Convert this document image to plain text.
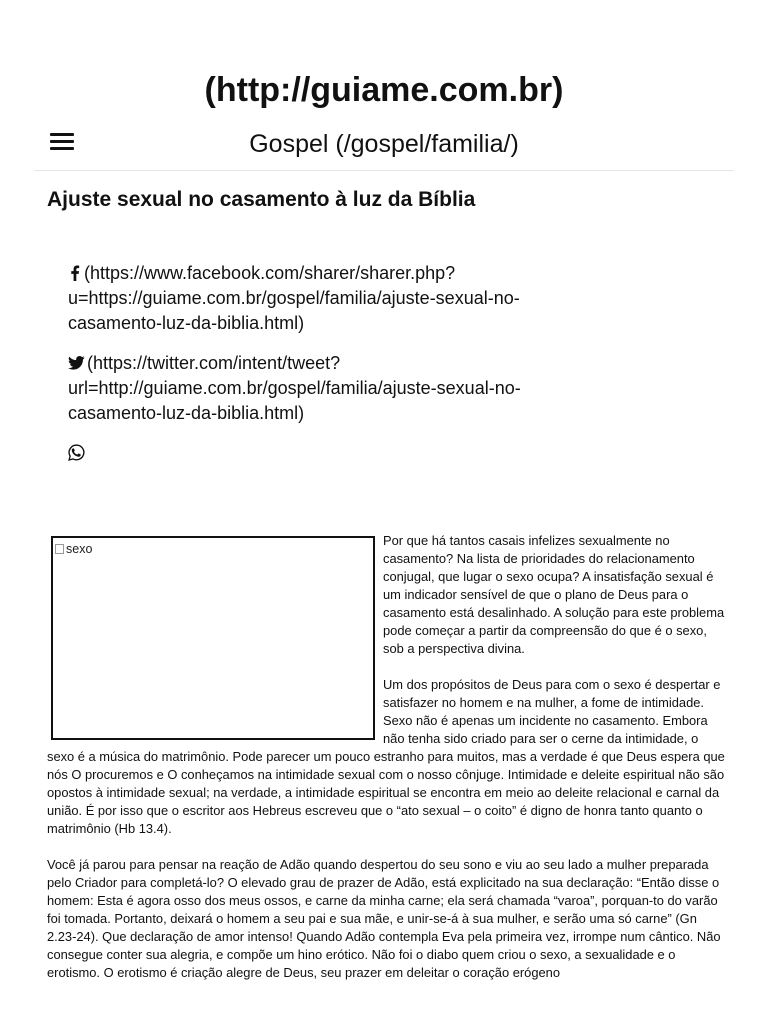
(http://guiame.com.br)
Gospel (/gospel/familia/)
Ajuste sexual no casamento à luz da Bíblia
(https://www.facebook.com/sharer/sharer.php?u=https://guiame.com.br/gospel/familia/ajuste-sexual-no-casamento-luz-da-biblia.html)
(https://twitter.com/intent/tweet?url=http://guiame.com.br/gospel/familia/ajuste-sexual-no-casamento-luz-da-biblia.html)
sexo

Por que há tantos casais infelizes sexualmente no casamento? Na lista de prioridades do relacionamento conjugal, que lugar o sexo ocupa? A insatisfação sexual é um indicador sensível de que o plano de Deus para o casamento está desalinhado. A solução para este problema pode começar a partir da compreensão do que é o sexo, sob a perspectiva divina.

Um dos propósitos de Deus para com o sexo é despertar e satisfazer no homem e na mulher, a fome de intimidade. Sexo não é apenas um incidente no casamento. Embora não tenha sido criado para ser o cerne da intimidade, o sexo é a música do matrimônio. Pode parecer um pouco estranho para muitos, mas a verdade é que Deus espera que nós O procuremos e O conheçamos na intimidade sexual com o nosso cônjuge. Intimidade e deleite espiritual não são opostos à intimidade sexual; na verdade, a intimidade espiritual se encontra em meio ao deleite relacional e carnal da união. É por isso que o escritor aos Hebreus escreveu que o “ato sexual – o coito” é digno de honra tanto quanto o matrimônio (Hb 13.4).

Você já parou para pensar na reação de Adão quando despertou do seu sono e viu ao seu lado a mulher preparada pelo Criador para completá-lo? O elevado grau de prazer de Adão, está explicitado na sua declaração: “Então disse o homem: Esta é agora osso dos meus ossos, e carne da minha carne; ela será chamada “varoa”, porquan-to do varão foi tomada. Portanto, deixará o homem a seu pai e sua mãe, e unir-se-á à sua mulher, e serão uma só carne” (Gn 2.23-24). Que declaração de amor intenso! Quando Adão contempla Eva pela primeira vez, irrompe num cântico. Não consegue conter sua alegria, e compõe um hino erótico. Não foi o diabo quem criou o sexo, a sexualidade e o erotismo. O erotismo é criação alegre de Deus, seu prazer em deleitar o coração erógeno
